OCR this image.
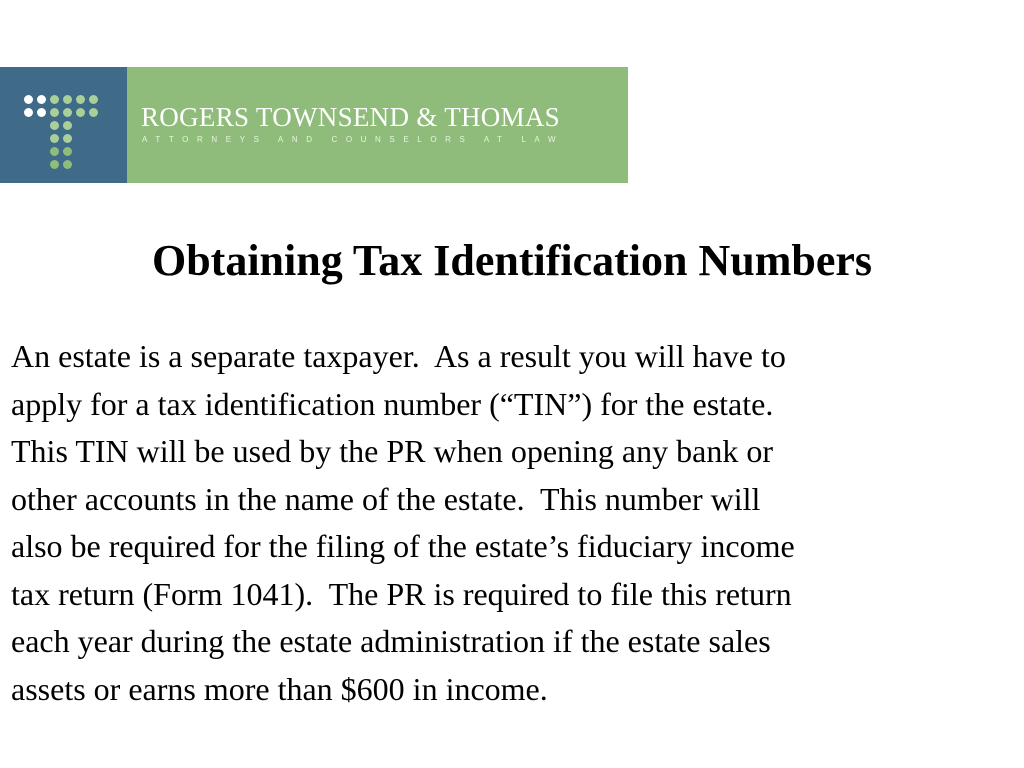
ROGERS TOWNSEND & THOMAS
ATTORNEYS AND COUNSELORS AT LAW
Obtaining Tax Identification Numbers

An estate is a separate taxpayer.  As a result you will have to
apply for a tax identification number (“TIN”) for the estate.
This TIN will be used by the PR when opening any bank or
other accounts in the name of the estate.  This number will
also be required for the filing of the estate’s fiduciary income
tax return (Form 1041).  The PR is required to file this return
each year during the estate administration if the estate sales
assets or earns more than $600 in income.
